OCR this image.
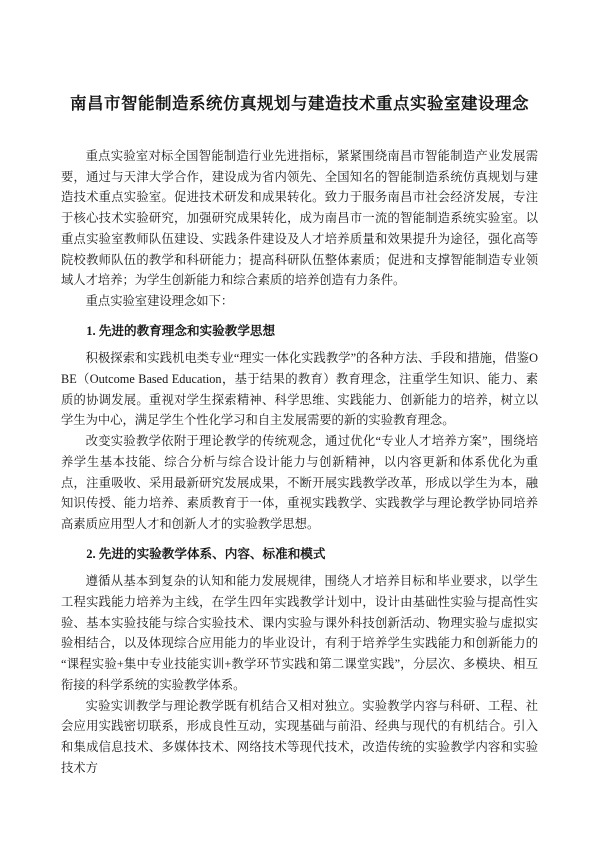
南昌市智能制造系统仿真规划与建造技术重点实验室建设理念

重点实验室对标全国智能制造行业先进指标，紧紧围绕南昌市智能制造产业发展需要，通过与天津大学合作，建设成为省内领先、全国知名的智能制造系统仿真规划与建造技术重点实验室。促进技术研发和成果转化。致力于服务南昌市社会经济发展，专注于核心技术实验研究，加强研究成果转化，成为南昌市一流的智能制造系统实验室。以重点实验室教师队伍建设、实践条件建设及人才培养质量和效果提升为途径，强化高等院校教师队伍的教学和科研能力；提高科研队伍整体素质；促进和支撑智能制造专业领域人才培养；为学生创新能力和综合素质的培养创造有力条件。

重点实验室建设理念如下：

1. 先进的教育理念和实验教学思想

积极探索和实践机电类专业“理实一体化实践教学”的各种方法、手段和措施，借鉴OBE（Outcome Based Education，基于结果的教育）教育理念，注重学生知识、能力、素质的协调发展。重视对学生探索精神、科学思维、实践能力、创新能力的培养，树立以学生为中心，满足学生个性化学习和自主发展需要的新的实验教育理念。

改变实验教学依附于理论教学的传统观念，通过优化“专业人才培养方案”，围绕培养学生基本技能、综合分析与综合设计能力与创新精神，以内容更新和体系优化为重点，注重吸收、采用最新研究发展成果，不断开展实践教学改革，形成以学生为本，融知识传授、能力培养、素质教育于一体，重视实践教学、实践教学与理论教学协同培养高素质应用型人才和创新人才的实验教学思想。

2. 先进的实验教学体系、内容、标准和模式

遵循从基本到复杂的认知和能力发展规律，围绕人才培养目标和毕业要求，以学生工程实践能力培养为主线，在学生四年实践教学计划中，设计由基础性实验与提高性实验、基本实验技能与综合实验技术、课内实验与课外科技创新活动、物理实验与虚拟实验相结合，以及体现综合应用能力的毕业设计，有利于培养学生实践能力和创新能力的“课程实验+集中专业技能实训+教学环节实践和第二课堂实践”，分层次、多模块、相互衔接的科学系统的实验教学体系。

实验实训教学与理论教学既有机结合又相对独立。实验教学内容与科研、工程、社会应用实践密切联系，形成良性互动，实现基础与前沿、经典与现代的有机结合。引入和集成信息技术、多媒体技术、网络技术等现代技术，改造传统的实验教学内容和实验技术方
